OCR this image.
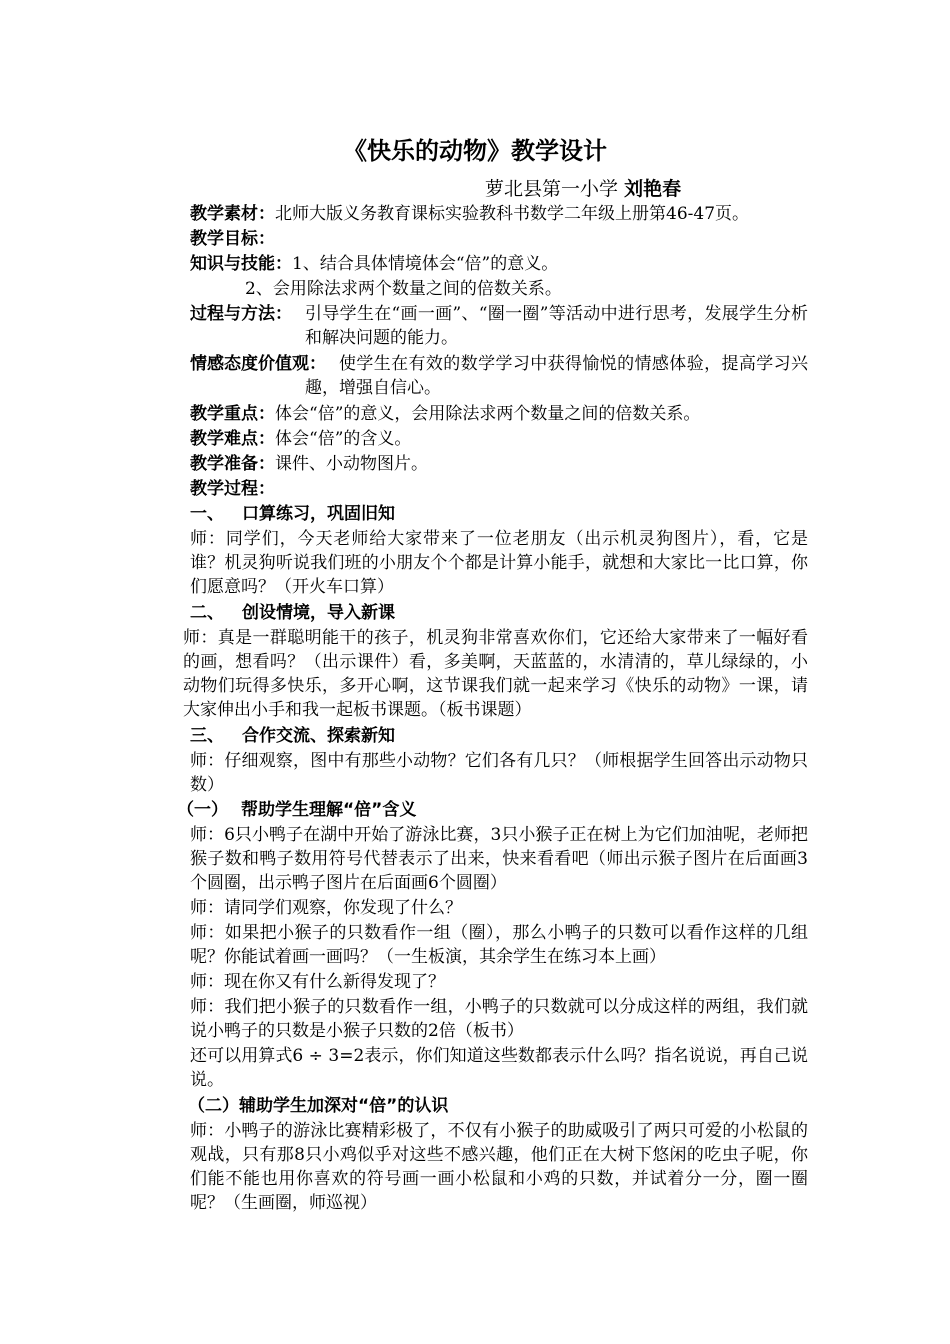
《快乐的动物》教学设计
萝北县第一小学 刘艳春
教学素材：北师大版义务教育课标实验教科书数学二年级上册第46-47页。
教学目标：
知识与技能：1、结合具体情境体会“倍”的意义。
2、会用除法求两个数量之间的倍数关系。
过程与方法： 引导学生在“画一画”、“圈一圈”等活动中进行思考，发展学生分析和解决问题的能力。
情感态度价值观： 使学生在有效的数学学习中获得愉悦的情感体验，提高学习兴趣，增强自信心。
教学重点：体会“倍”的意义，会用除法求两个数量之间的倍数关系。
教学难点：体会“倍”的含义。
教学准备：课件、小动物图片。
教学过程：
一、 口算练习，巩固旧知
师：同学们，今天老师给大家带来了一位老朋友（出示机灵狗图片），看，它是谁？机灵狗听说我们班的小朋友个个都是计算小能手，就想和大家比一比口算，你们愿意吗？（开火车口算）
二、 创设情境，导入新课
师：真是一群聪明能干的孩子，机灵狗非常喜欢你们，它还给大家带来了一幅好看的画，想看吗？（出示课件）看，多美啊，天蓝蓝的，水清清的，草儿绿绿的，小动物们玩得多快乐，多开心啊，这节课我们就一起来学习《快乐的动物》一课，请大家伸出小手和我一起板书课题。（板书课题）
三、 合作交流、探索新知
师：仔细观察，图中有那些小动物？它们各有几只？（师根据学生回答出示动物只数）
（一） 帮助学生理解“倍”含义
师：6只小鸭子在湖中开始了游泳比赛，3只小猴子正在树上为它们加油呢，老师把猴子数和鸭子数用符号代替表示了出来，快来看看吧（师出示猴子图片在后面画3个圆圈，出示鸭子图片在后面画6个圆圈）
师：请同学们观察，你发现了什么？
师：如果把小猴子的只数看作一组（圈），那么小鸭子的只数可以看作这样的几组呢？你能试着画一画吗？（一生板演，其余学生在练习本上画）
师：现在你又有什么新得发现了？
师：我们把小猴子的只数看作一组，小鸭子的只数就可以分成这样的两组，我们就说小鸭子的只数是小猴子只数的2倍（板书）
还可以用算式6 ÷ 3=2表示，你们知道这些数都表示什么吗？指名说说，再自己说说。
（二）辅助学生加深对“倍”的认识
师：小鸭子的游泳比赛精彩极了，不仅有小猴子的助威吸引了两只可爱的小松鼠的观战，只有那8只小鸡似乎对这些不感兴趣，他们正在大树下悠闲的吃虫子呢，你们能不能也用你喜欢的符号画一画小松鼠和小鸡的只数，并试着分一分，圈一圈呢？（生画圈，师巡视）
